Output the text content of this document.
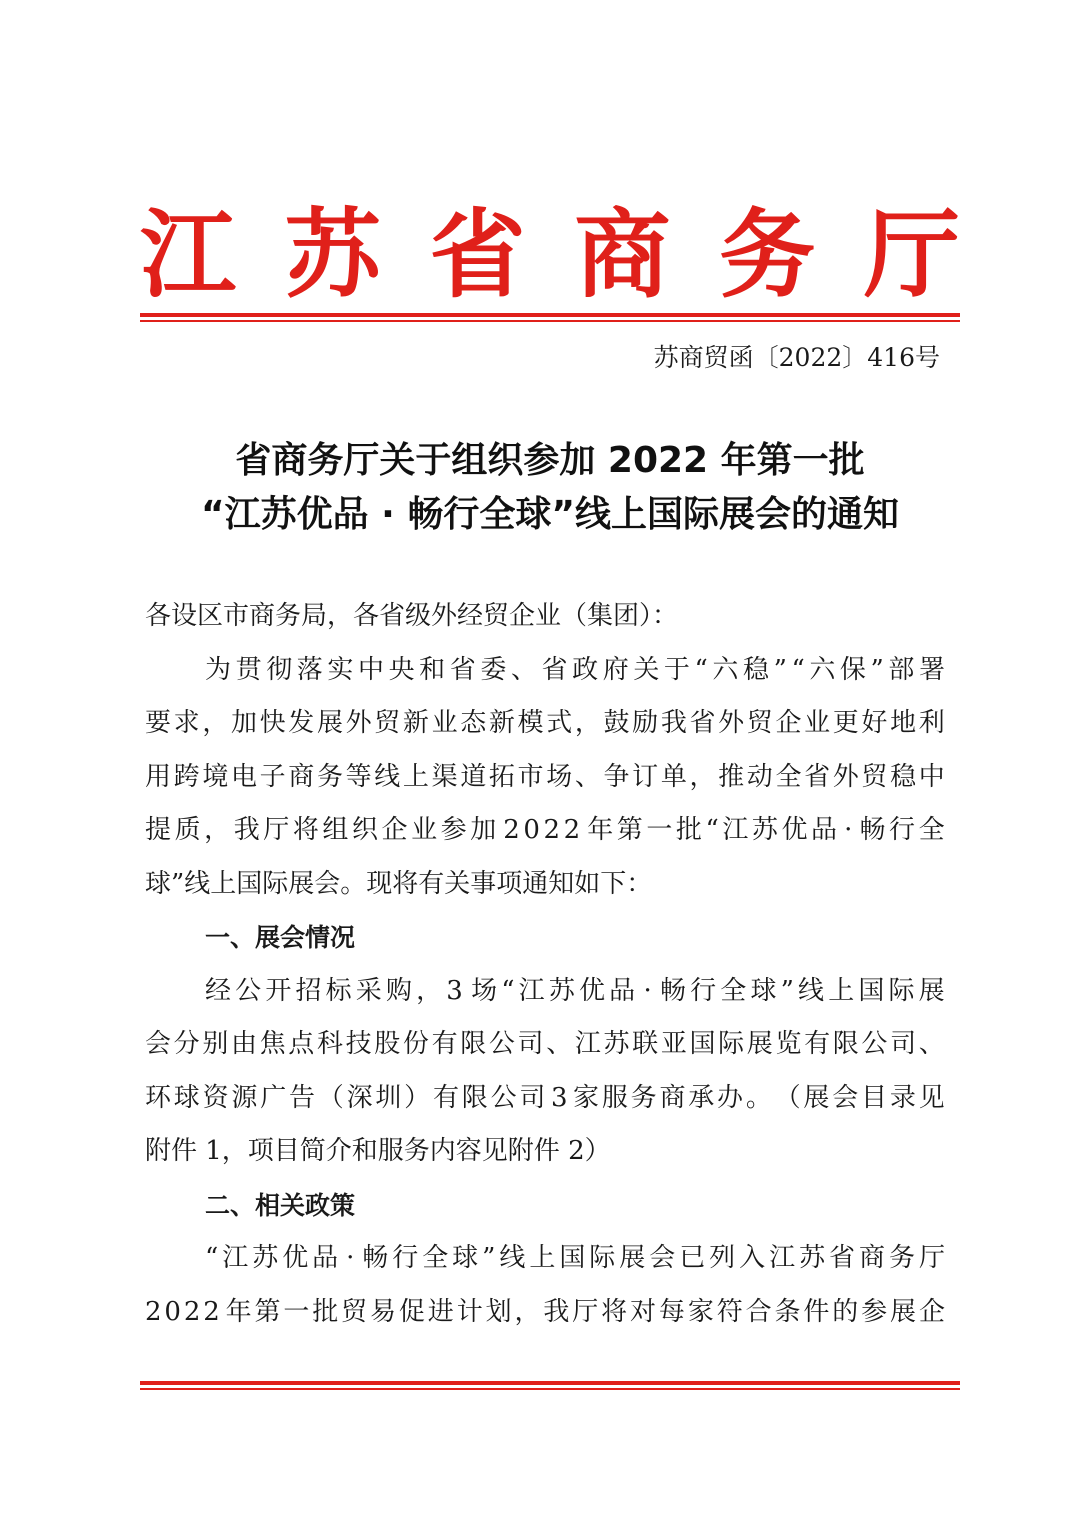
江 苏 省 商 务 厅
苏商贸函〔2022〕416号
省商务厅关于组织参加 2022 年第一批
“江苏优品 · 畅行全球”线上国际展会的通知
各设区市商务局，各省级外经贸企业（集团）：
为 贯 彻 落 实 中 央 和 省 委 、 省 政 府 关 于 “ 六 稳 ” “ 六 保 ” 部 署
要 求 ， 加 快 发 展 外 贸 新 业 态 新 模 式 ， 鼓 励 我 省 外 贸 企 业 更 好 地 利
用 跨 境 电 子 商 务 等 线 上 渠 道 拓 市 场 、 争 订 单 ， 推 动 全 省 外 贸 稳 中
提 质 ， 我 厅 将 组 织 企 业 参 加 2 0 2 2 年 第 一 批 “ 江 苏 优 品 · 畅 行 全
球”线上国际展会。现将有关事项通知如下：
一、展会情况
经 公 开 招 标 采 购 ， 3 场 “ 江 苏 优 品 · 畅 行 全 球 ” 线 上 国 际 展
会 分 别 由 焦 点 科 技 股 份 有 限 公 司 、 江 苏 联 亚 国 际 展 览 有 限 公 司 、
环 球 资 源 广 告 （ 深 圳 ） 有 限 公 司 3 家 服 务 商 承 办 。 （ 展 会 目 录 见
附件 1，项目简介和服务内容见附件 2）
二、相关政策
“ 江 苏 优 品 · 畅 行 全 球 ” 线 上 国 际 展 会 已 列 入 江 苏 省 商 务 厅
2 0 2 2 年 第 一 批 贸 易 促 进 计 划 ， 我 厅 将 对 每 家 符 合 条 件 的 参 展 企
